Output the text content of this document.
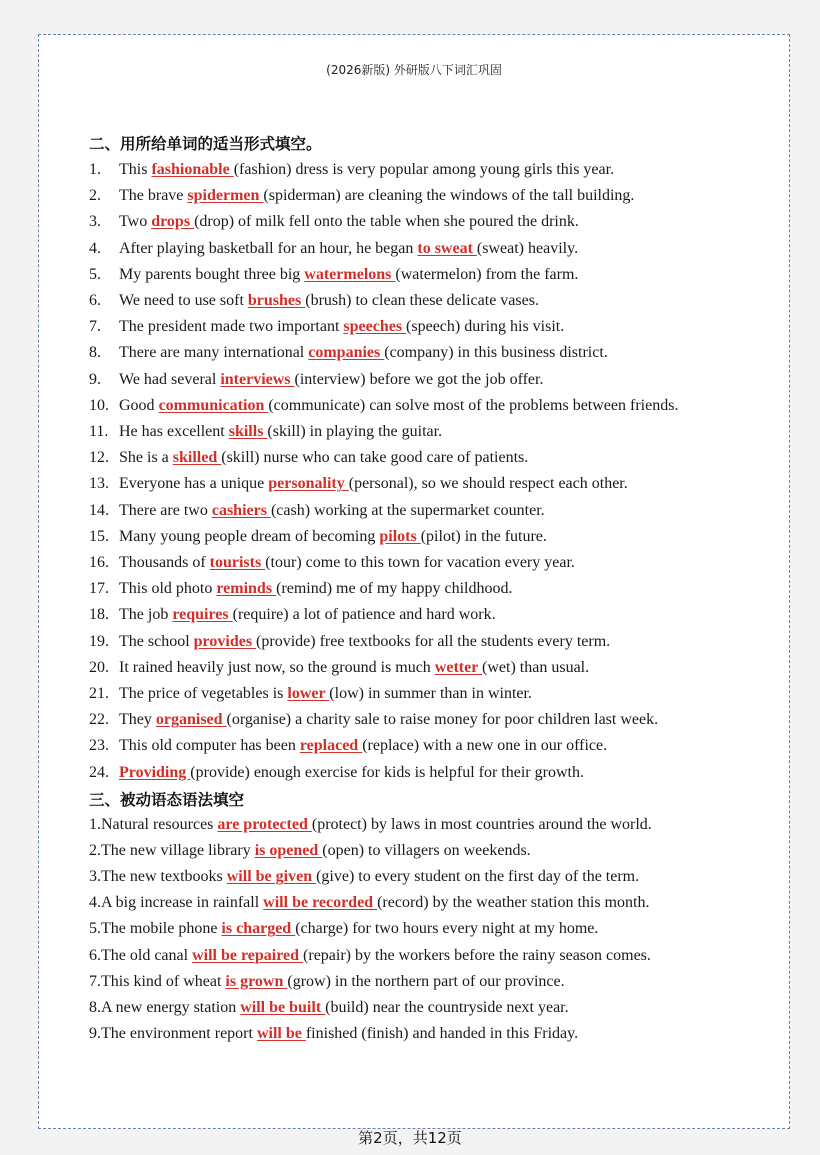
(2026新版) 外研版八下词汇巩固
二、用所给单词的适当形式填空。
1. This fashionable (fashion) dress is very popular among young girls this year.
2. The brave spidermen (spiderman) are cleaning the windows of the tall building.
3. Two drops (drop) of milk fell onto the table when she poured the drink.
4. After playing basketball for an hour, he began to sweat (sweat) heavily.
5. My parents bought three big watermelons (watermelon) from the farm.
6. We need to use soft brushes (brush) to clean these delicate vases.
7. The president made two important speeches (speech) during his visit.
8. There are many international companies (company) in this business district.
9. We had several interviews (interview) before we got the job offer.
10. Good communication (communicate) can solve most of the problems between friends.
11. He has excellent skills (skill) in playing the guitar.
12. She is a skilled (skill) nurse who can take good care of patients.
13. Everyone has a unique personality (personal), so we should respect each other.
14. There are two cashiers (cash) working at the supermarket counter.
15. Many young people dream of becoming pilots (pilot) in the future.
16. Thousands of tourists (tour) come to this town for vacation every year.
17. This old photo reminds (remind) me of my happy childhood.
18. The job requires (require) a lot of patience and hard work.
19. The school provides (provide) free textbooks for all the students every term.
20. It rained heavily just now, so the ground is much wetter (wet) than usual.
21. The price of vegetables is lower (low) in summer than in winter.
22. They organised (organise) a charity sale to raise money for poor children last week.
23. This old computer has been replaced (replace) with a new one in our office.
24. Providing (provide) enough exercise for kids is helpful for their growth.
三、被动语态语法填空
1.Natural resources are protected (protect) by laws in most countries around the world.
2.The new village library is opened (open) to villagers on weekends.
3.The new textbooks will be given (give) to every student on the first day of the term.
4.A big increase in rainfall will be recorded (record) by the weather station this month.
5.The mobile phone is charged (charge) for two hours every night at my home.
6.The old canal will be repaired (repair) by the workers before the rainy season comes.
7.This kind of wheat is grown (grow) in the northern part of our province.
8.A new energy station will be built (build) near the countryside next year.
9.The environment report will be finished (finish) and handed in this Friday.
第2页，共12页
